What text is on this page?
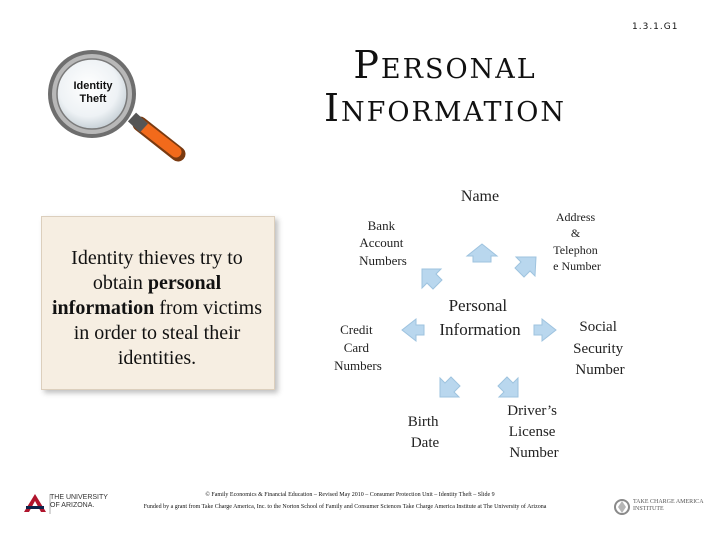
1.3.1.G1
Personal
Information
Identity Theft
Identity thieves try to obtain personal information from victims in order to steal their identities.
Personal Information
Name
Bank Account Numbers
Address & Telephon e Number
Credit Card Numbers
Social Security Number
Birth Date
Driver’s License Number
THE UNIVERSITY
OF ARIZONA.
© Family Economics & Financial Education – Revised May 2010 – Consumer Protection Unit – Identity Theft – Slide 9
Funded by a grant from Take Charge America, Inc. to the Norton School of Family and Consumer Sciences Take Charge America Institute at The University of Arizona
TAKE CHARGE AMERICA
INSTITUTE
